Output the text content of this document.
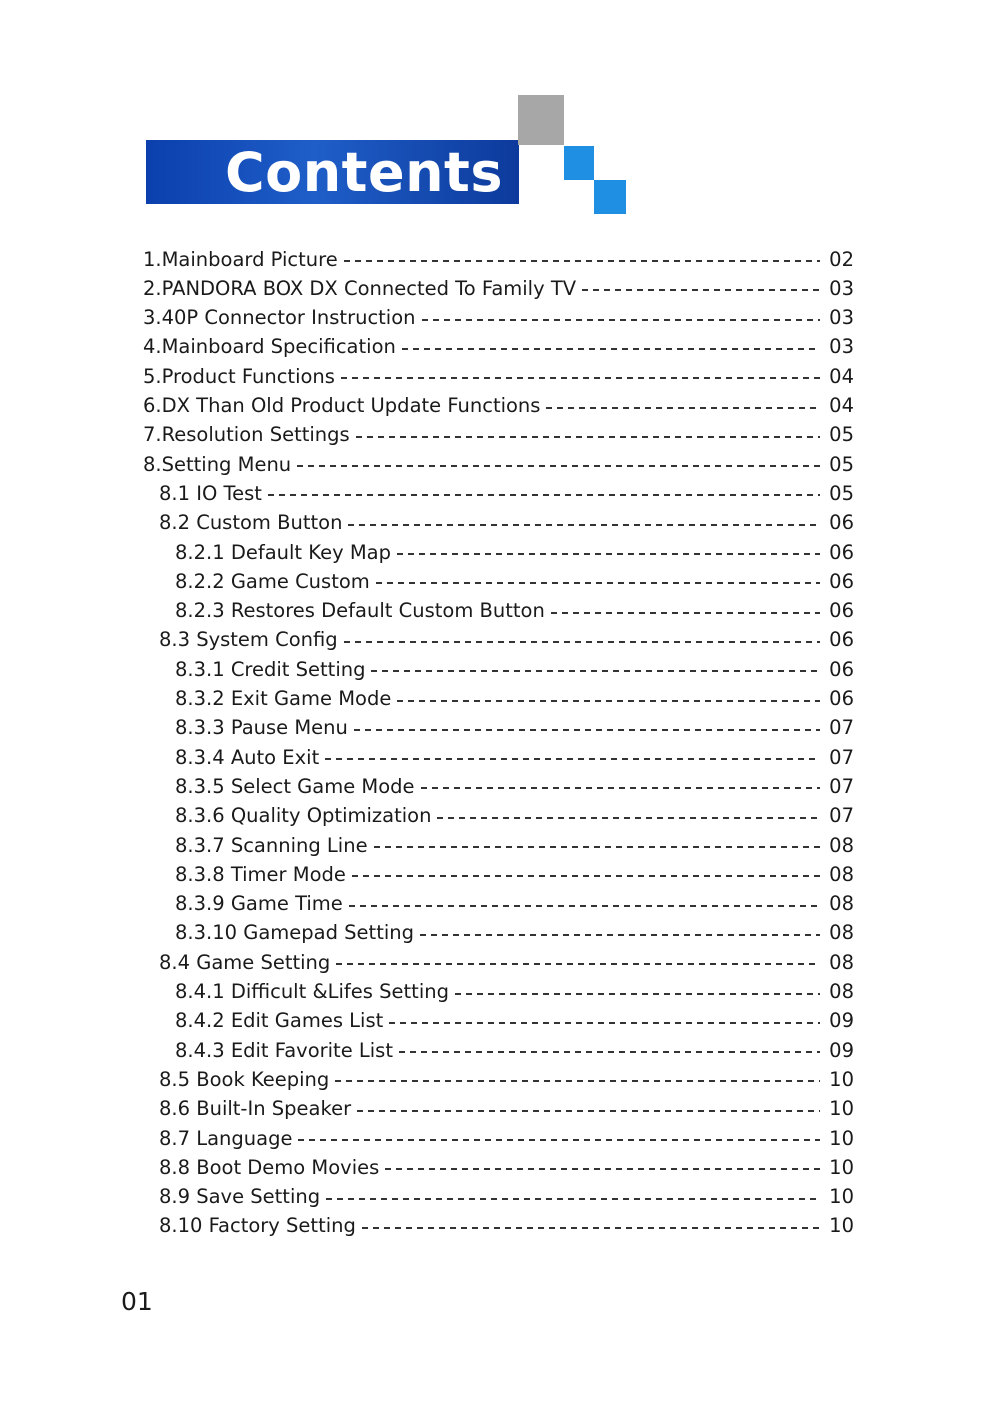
Contents
1.Mainboard Picture	02
2.PANDORA BOX DX Connected To Family TV	03
3.40P Connector Instruction	03
4.Mainboard Specification	03
5.Product Functions	04
6.DX Than Old Product Update Functions	04
7.Resolution Settings	05
8.Setting Menu	05
8.1 IO Test	05
8.2 Custom Button	06
8.2.1 Default Key Map	06
8.2.2 Game Custom	06
8.2.3 Restores Default Custom Button	06
8.3 System Config	06
8.3.1 Credit Setting	06
8.3.2 Exit Game Mode	06
8.3.3 Pause Menu	07
8.3.4 Auto Exit	07
8.3.5 Select Game Mode	07
8.3.6 Quality Optimization	07
8.3.7 Scanning Line	08
8.3.8 Timer Mode	08
8.3.9 Game Time	08
8.3.10 Gamepad Setting	08
8.4 Game Setting	08
8.4.1 Difficult &Lifes Setting	08
8.4.2 Edit Games List	09
8.4.3 Edit Favorite List	09
8.5 Book Keeping	10
8.6 Built-In Speaker	10
8.7 Language	10
8.8 Boot Demo Movies	10
8.9 Save Setting	10
8.10 Factory Setting	10
01
